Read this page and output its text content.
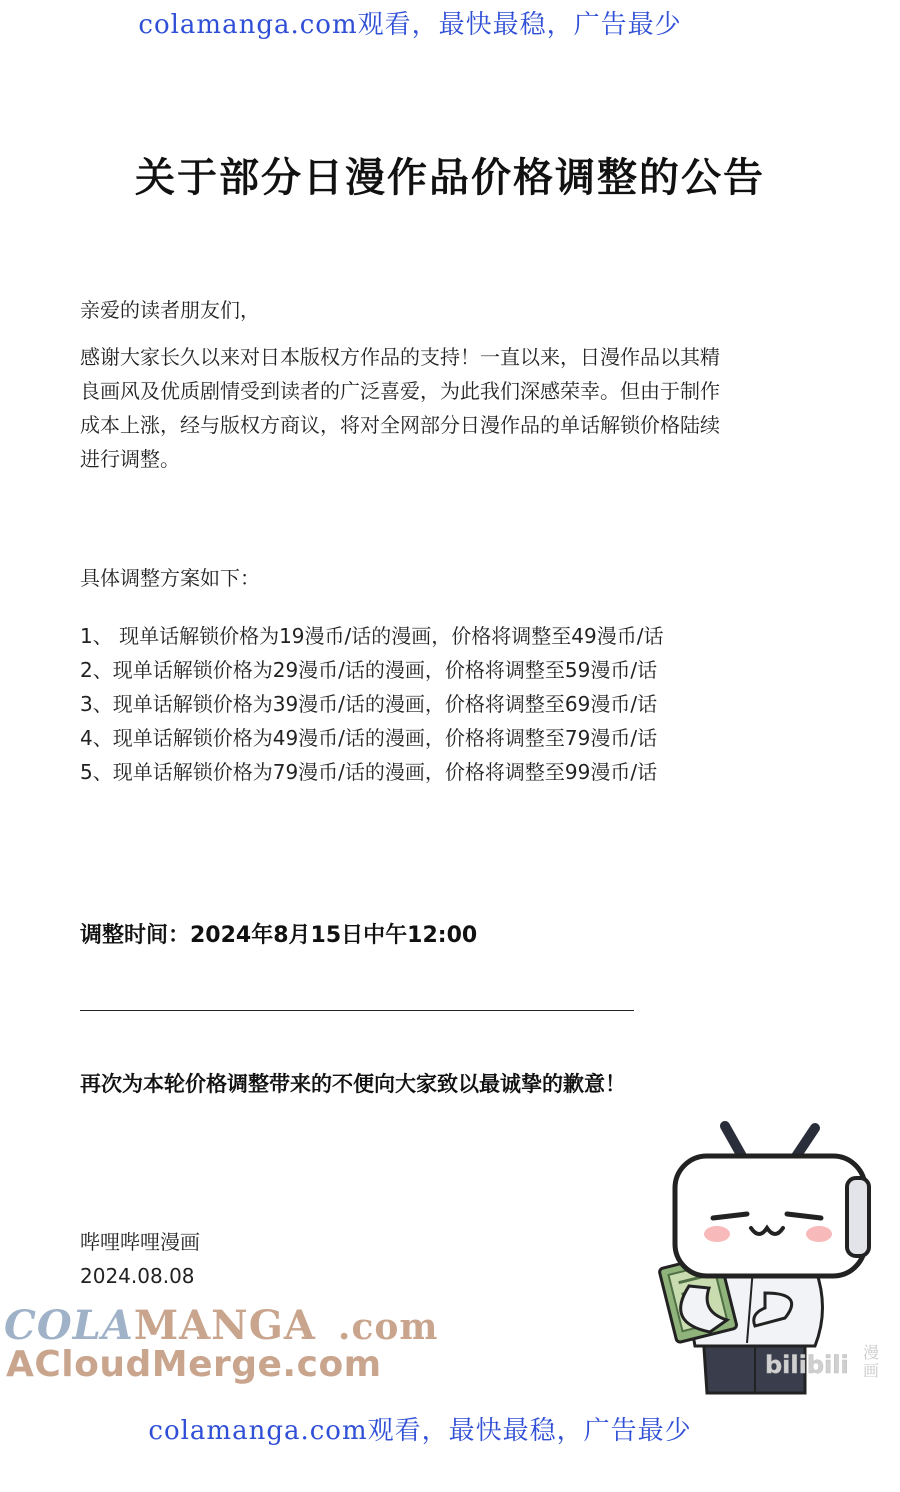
colamanga.com观看，最快最稳，广告最少
关于部分日漫作品价格调整的公告
亲爱的读者朋友们，
感谢大家长久以来对日本版权方作品的支持！一直以来，日漫作品以其精
良画风及优质剧情受到读者的广泛喜爱，为此我们深感荣幸。但由于制作
成本上涨，经与版权方商议，将对全网部分日漫作品的单话解锁价格陆续
进行调整。
具体调整方案如下：
1、 现单话解锁价格为19漫币/话的漫画，价格将调整至49漫币/话
2、现单话解锁价格为29漫币/话的漫画，价格将调整至59漫币/话
3、现单话解锁价格为39漫币/话的漫画，价格将调整至69漫币/话
4、现单话解锁价格为49漫币/话的漫画，价格将调整至79漫币/话
5、现单话解锁价格为79漫币/话的漫画，价格将调整至99漫币/话
调整时间：2024年8月15日中午12:00
再次为本轮价格调整带来的不便向大家致以最诚挚的歉意！
哔哩哔哩漫画
2024.08.08
COLAMANGA .com
ACloudMerge.com	bilibili 漫
画
colamanga.com观看，最快最稳，广告最少
